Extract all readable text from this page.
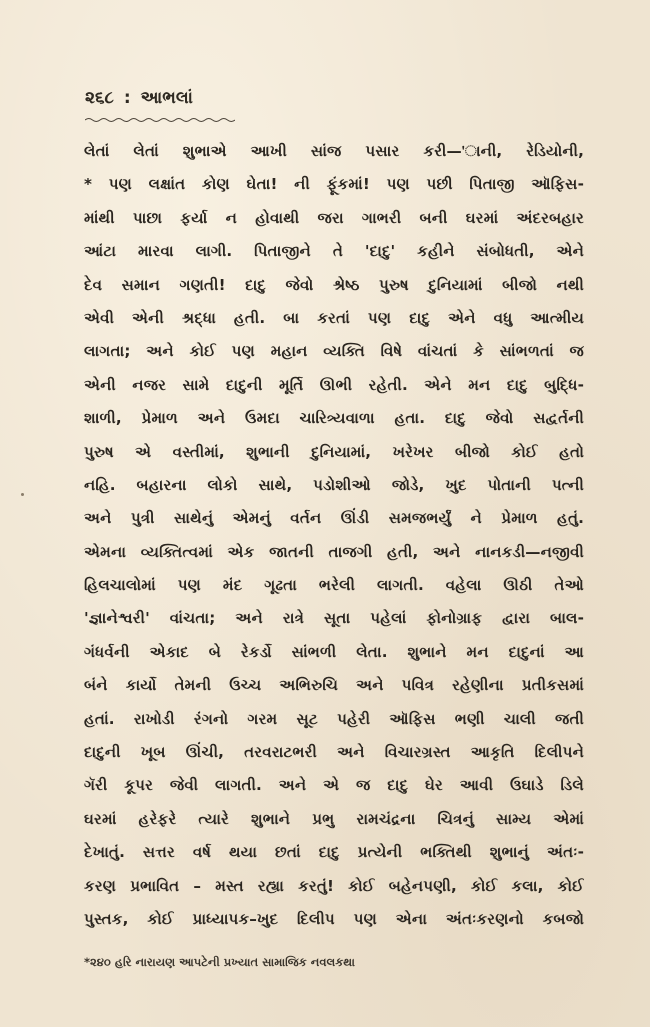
૨૬૮ : આભલાં
લેતાં લેતાં શુભાએ આખી સાંજ પસાર કરી—'ાની, રેડિયોની,
* પણ લક્ષાંત કોણ ઘેતા! ની ફૂંકમાં! પણ પછી પિતાજી ઑફિસ-
માંથી પાછા ફર્યા ન હોવાથી જરા ગાભરી બની ઘરમાં અંદરબહાર
આંટા મારવા લાગી. પિતાજીને તે 'દાદુ' કહીને સંબોધતી, એને
દેવ સમાન ગણતી! દાદુ જેવો શ્રેષ્ઠ પુરુષ દુનિયામાં બીજો નથી
એવી એની શ્રદ્ધા હતી. બા કરતાં પણ દાદુ એને વધુ આત્મીય
લાગતા; અને કોઈ પણ મહાન વ્યક્તિ વિષે વાંચતાં કે સાંભળતાં જ
એની નજર સામે દાદુની મૂર્તિ ઊભી રહેતી. એને મન દાદુ બુદ્ધિ-
શાળી, પ્રેમાળ અને ઉમદા ચારિત્ર્યવાળા હતા. દાદુ જેવો સદ્વર્તની
પુરુષ એ વસ્તીમાં, શુભાની દુનિયામાં, ખરેખર બીજો કોઈ હતો
નહિ. બહારના લોકો સાથે, પડોશીઓ જોડે, ખુદ પોતાની પત્ની
અને પુત્રી સાથેનું એમનું વર્તન ઊંડી સમજભર્યું ને પ્રેમાળ હતું.
એમના વ્યક્તિત્વમાં એક જાતની તાજગી હતી, અને નાનકડી—નજીવી
હિલચાલોમાં પણ મંદ ગૂઢતા ભરેલી લાગતી. વહેલા ઊઠી તેઓ
'જ્ઞાનેશ્વરી' વાંચતા; અને રાત્રે સૂતા પહેલાં ફોનોગ્રાફ દ્વારા બાલ-
ગંધર્વની એકાદ બે રેકર્ડો સાંભળી લેતા. શુભાને મન દાદુનાં આ
બંને કાર્યો તેમની ઉચ્ચ અભિરુચિ અને પવિત્ર રહેણીના પ્રતીકસમાં
હતાં. રાખોડી રંગનો ગરમ સૂટ પહેરી ઑફિસ ભણી ચાલી જતી
દાદુની ખૂબ ઊંચી, તરવરાટભરી અને વિચારગ્રસ્ત આકૃતિ દિલીપને
ગૅરી કૂપર જેવી લાગતી. અને એ જ દાદુ ઘેર આવી ઉઘાડે ડિલે
ઘરમાં હરેફરે ત્યારે શુભાને પ્રભુ રામચંદ્રના ચિત્રનું સામ્ય એમાં
દેખાતું. સત્તર વર્ષ થયા છતાં દાદુ પ્રત્યેની ભક્તિથી શુભાનું અંતઃ-
કરણ પ્રભાવિત – મસ્ત રહ્યા કરતું! કોઈ બહેનપણી, કોઈ કલા, કોઈ
પુસ્તક, કોઈ પ્રાધ્યાપક–ખુદ દિલીપ પણ એના અંતઃકરણનો કબજો
*૨૪૦ હરિ નારાયણ આપટેની પ્રખ્યાત સામાજિક નવલકથા
